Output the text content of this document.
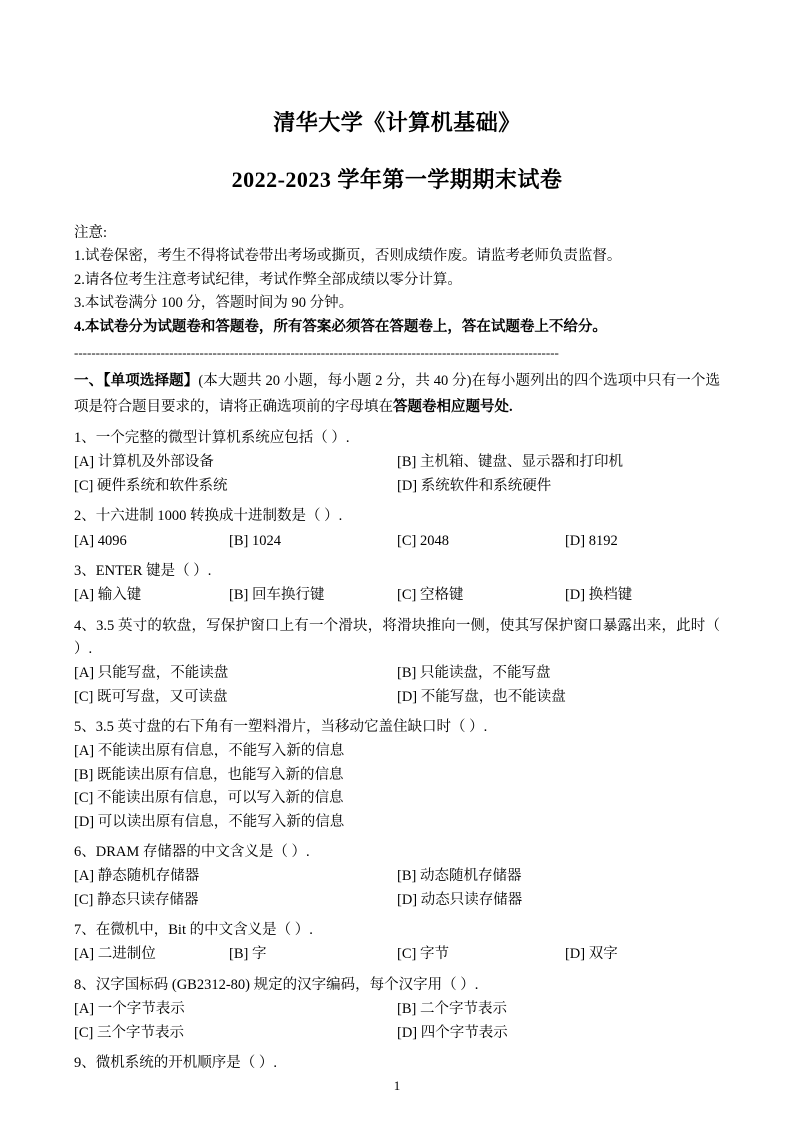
清华大学《计算机基础》
2022-2023 学年第一学期期末试卷
注意:
1.试卷保密，考生不得将试卷带出考场或撕页，否则成绩作废。请监考老师负责监督。
2.请各位考生注意考试纪律，考试作弊全部成绩以零分计算。
3.本试卷满分 100 分，答题时间为 90 分钟。
4.本试卷分为试题卷和答题卷，所有答案必须答在答题卷上，答在试题卷上不给分。
----------------------------------------------------------------------------------------------------------------
一、【单项选择题】(本大题共 20 小题，每小题 2 分，共 40 分)在每小题列出的四个选项中只有一个选项是符合题目要求的，请将正确选项前的字母填在答题卷相应题号处.
1、一个完整的微型计算机系统应包括（ ）.
[A] 计算机及外部设备	[B] 主机箱、键盘、显示器和打印机
[C] 硬件系统和软件系统	[D] 系统软件和系统硬件
2、十六进制 1000 转换成十进制数是（ ）.
[A] 4096	[B] 1024	[C] 2048	[D] 8192
3、ENTER 键是（ ）.
[A] 输入键	[B] 回车换行键	[C] 空格键	[D] 换档键
4、3.5 英寸的软盘，写保护窗口上有一个滑块，将滑块推向一侧，使其写保护窗口暴露出来，此时（ ）.
[A] 只能写盘，不能读盘	[B] 只能读盘，不能写盘
[C] 既可写盘，又可读盘	[D] 不能写盘，也不能读盘
5、3.5 英寸盘的右下角有一塑料滑片，当移动它盖住缺口时（ ）.
[A] 不能读出原有信息，不能写入新的信息
[B] 既能读出原有信息，也能写入新的信息
[C] 不能读出原有信息，可以写入新的信息
[D] 可以读出原有信息，不能写入新的信息
6、DRAM 存储器的中文含义是（ ）.
[A] 静态随机存储器	[B] 动态随机存储器
[C] 静态只读存储器	[D] 动态只读存储器
7、在微机中，Bit 的中文含义是（ ）.
[A] 二进制位	[B] 字	[C] 字节	[D] 双字
8、汉字国标码 (GB2312-80) 规定的汉字编码，每个汉字用（ ）.
[A] 一个字节表示	[B] 二个字节表示
[C] 三个字节表示	[D] 四个字节表示
9、微机系统的开机顺序是（ ）.
1
